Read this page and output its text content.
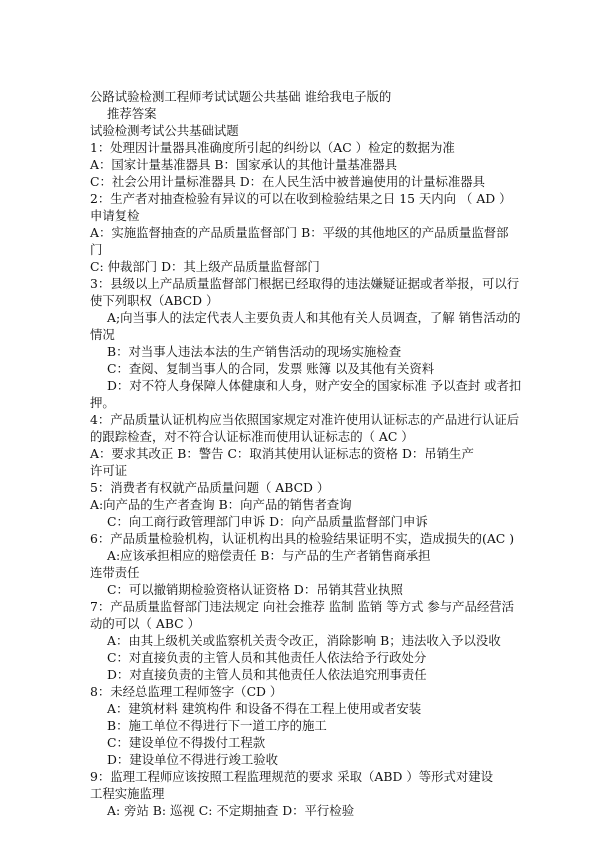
公路试验检测工程师考试试题公共基础 谁给我电子版的
推荐答案
试验检测考试公共基础试题
1：处理因计量器具准确度所引起的纠纷以（AC ）检定的数据为准
A：国家计量基准器具 B：国家承认的其他计量基准器具
C：社会公用计量标准器具 D：在人民生活中被普遍使用的计量标准器具
2：生产者对抽查检验有异议的可以在收到检验结果之日 15 天内向 （ AD ）
申请复检
A：实施监督抽查的产品质量监督部门 B：平级的其他地区的产品质量监督部
门
C: 仲裁部门 D：其上级产品质量监督部门
3：县级以上产品质量监督部门根据已经取得的违法嫌疑证据或者举报，可以行
使下列职权（ABCD ）
A;向当事人的法定代表人主要负责人和其他有关人员调查，了解 销售活动的
情况
B：对当事人违法本法的生产销售活动的现场实施检查
C：查阅、复制当事人的合同，发票 账簿 以及其他有关资料
D：对不符人身保障人体健康和人身，财产安全的国家标准 予以查封 或者扣
押。
4：产品质量认证机构应当依照国家规定对准许使用认证标志的产品进行认证后
的跟踪检查，对不符合认证标准而使用认证标志的（ AC ）
A：要求其改正 B：警告 C：取消其使用认证标志的资格 D：吊销生产
许可证
5：消费者有权就产品质量问题（ ABCD ）
A:向产品的生产者查询 B：向产品的销售者查询
C：向工商行政管理部门申诉 D：向产品质量监督部门申诉
6：产品质量检验机构，认证机构出具的检验结果证明不实，造成损失的(AC )
A:应该承担相应的赔偿责任 B：与产品的生产者销售商承担
连带责任
C：可以撤销期检验资格认证资格 D：吊销其营业执照
7：产品质量监督部门违法规定 向社会推荐 监制 监销 等方式 参与产品经营活
动的可以（ ABC ）
A：由其上级机关或监察机关责令改正，消除影响 B；违法收入予以没收
C：对直接负责的主管人员和其他责任人依法给予行政处分
D：对直接负责的主管人员和其他责任人依法追究刑事责任
8：未经总监理工程师签字（CD ）
A：建筑材料 建筑构件 和设备不得在工程上使用或者安装
B：施工单位不得进行下一道工序的施工
C：建设单位不得拨付工程款
D：建设单位不得进行竣工验收
9：监理工程师应该按照工程监理规范的要求 采取（ABD ）等形式对建设
工程实施监理
A: 旁站 B: 巡视 C: 不定期抽查 D：平行检验
